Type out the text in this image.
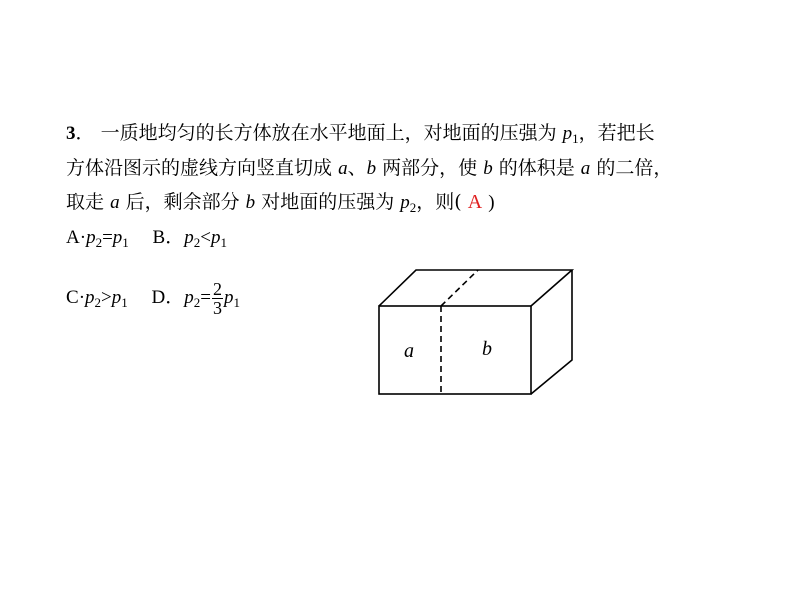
3． 一质地均匀的长方体放在水平地面上，对地面的压强为 $p_1$，若把长
方体沿图示的虚线方向竖直切成 a、b 两部分，使 b 的体积是 a 的二倍，
取走 a 后，剩余部分 b 对地面的压强为 $p_2$，则( A )
$A\cdot p_2=p_1$ B．$p_2<p_1$
$C\cdot p_2>p_1$ D．$p_2= \frac{2}{3} p_1$
a	b
